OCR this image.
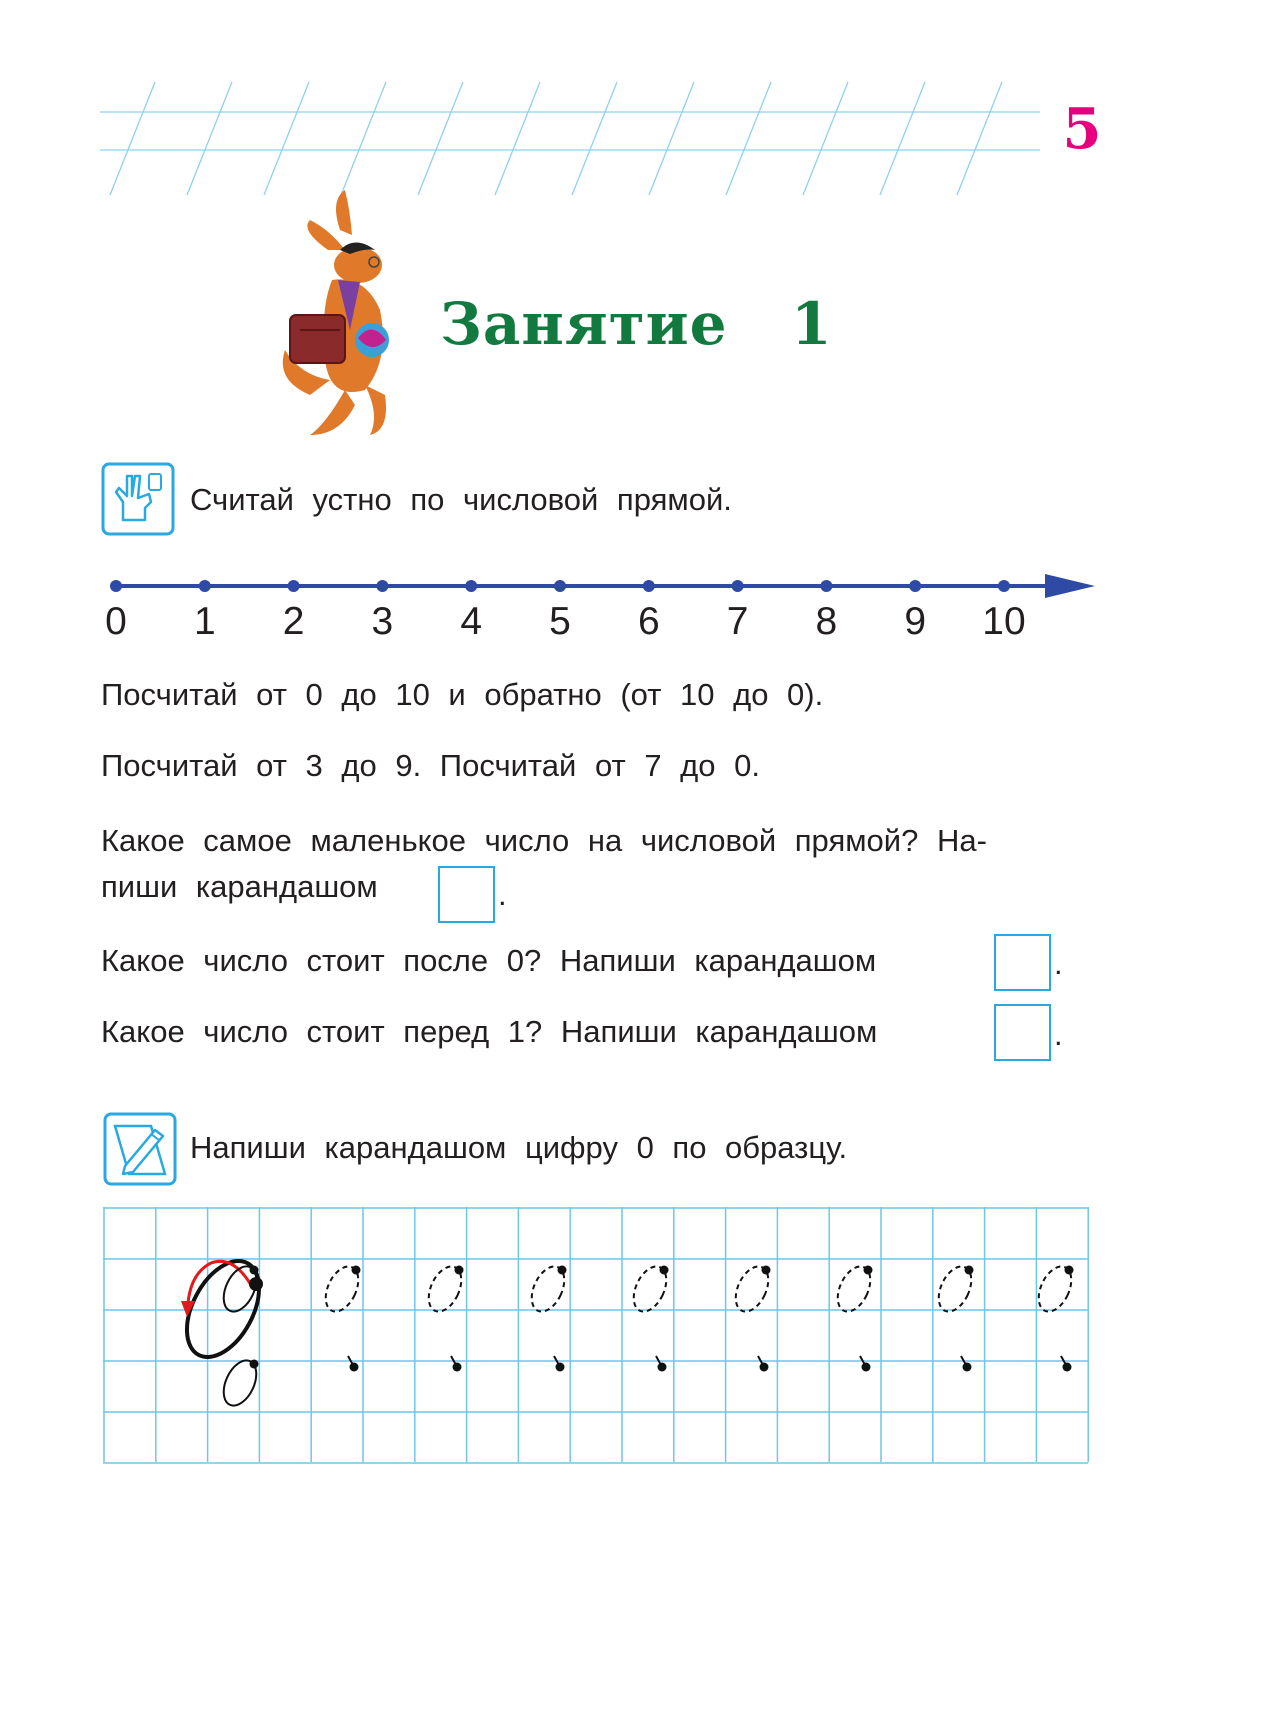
5
Занятие   1
Считай устно по числовой прямой.
0	1	2	3	4	5	6	7	8	9	10
Посчитай от 0 до 10 и обратно (от 10 до 0).
Посчитай от 3 до 9. Посчитай от 7 до 0.
Какое самое маленькое число на числовой прямой? На-
пиши карандашом	.
Какое число стоит после 0? Напиши карандашом	.
Какое число стоит перед 1? Напиши карандашом	.
Напиши карандашом цифру 0 по образцу.
